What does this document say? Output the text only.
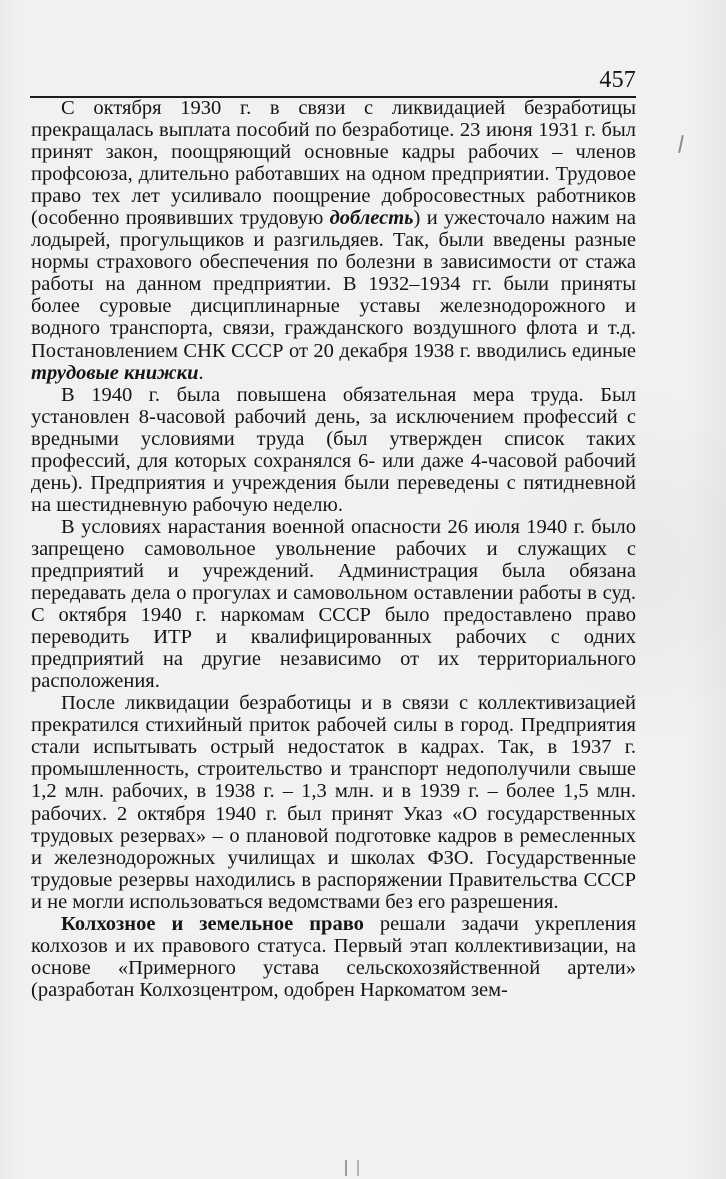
457

С октября 1930 г. в связи с ликвидацией безработицы прекращалась выплата пособий по безработице. 23 июня 1931 г. был принят закон, поощряющий основные кадры рабочих – членов профсоюза, длительно работавших на одном предприятии. Трудовое право тех лет усиливало поощрение добросовестных работников (особенно проявивших трудовую доблесть) и ужесточало нажим на лодырей, прогульщиков и разгильдяев. Так, были введены разные нормы страхового обеспечения по болезни в зависимости от стажа работы на данном предприятии. В 1932–1934 гг. были приняты более суровые дисциплинарные уставы железнодорожного и водного транспорта, связи, гражданского воздушного флота и т.д. Постановлением СНК СССР от 20 декабря 1938 г. вводились единые трудовые книжки.

В 1940 г. была повышена обязательная мера труда. Был установлен 8-часовой рабочий день, за исключением профессий с вредными условиями труда (был утвержден список таких профессий, для которых сохранялся 6- или даже 4-часовой рабочий день). Предприятия и учреждения были переведены с пятидневной на шестидневную рабочую неделю.

В условиях нарастания военной опасности 26 июля 1940 г. было запрещено самовольное увольнение рабочих и служащих с предприятий и учреждений. Администрация была обязана передавать дела о прогулах и самовольном оставлении работы в суд. С октября 1940 г. наркомам СССР было предоставлено право переводить ИТР и квалифицированных рабочих с одних предприятий на другие независимо от их территориального расположения.

После ликвидации безработицы и в связи с коллективизацией прекратился стихийный приток рабочей силы в город. Предприятия стали испытывать острый недостаток в кадрах. Так, в 1937 г. промышленность, строительство и транспорт недополучили свыше 1,2 млн. рабочих, в 1938 г. – 1,3 млн. и в 1939 г. – более 1,5 млн. рабочих. 2 октября 1940 г. был принят Указ «О государственных трудовых резервах» – о плановой подготовке кадров в ремесленных и железнодорожных училищах и школах ФЗО. Государственные трудовые резервы находились в распоряжении Правительства СССР и не могли использоваться ведомствами без его разрешения.

Колхозное и земельное право решали задачи укрепления колхозов и их правового статуса. Первый этап коллективизации, на основе «Примерного устава сельскохозяйственной артели» (разработан Колхозцентром, одобрен Наркоматом зем-
